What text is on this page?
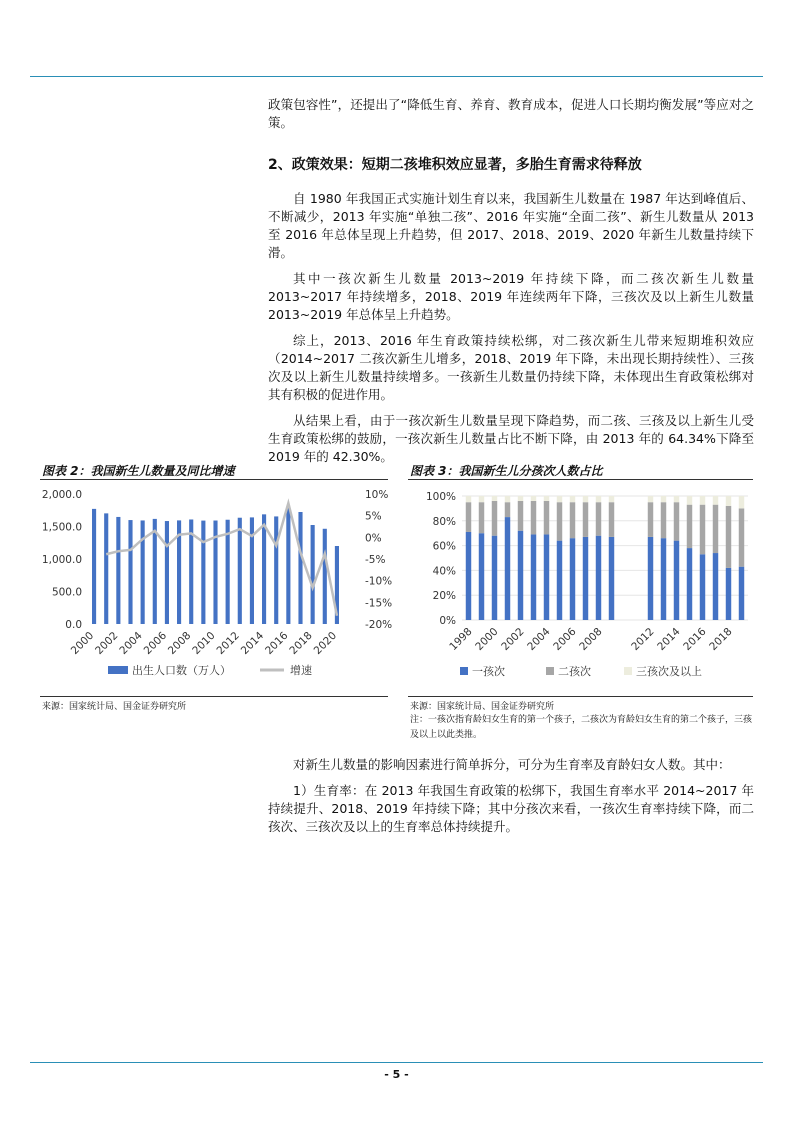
政策包容性”，还提出了“降低生育、养育、教育成本，促进人口长期均衡发展”等应对之策。

2、政策效果：短期二孩堆积效应显著，多胎生育需求待释放

自 1980 年我国正式实施计划生育以来，我国新生儿数量在 1987 年达到峰值后、不断减少，2013 年实施“单独二孩”、2016 年实施“全面二孩”、新生儿数量从 2013 至 2016 年总体呈现上升趋势，但 2017、2018、2019、2020 年新生儿数量持续下滑。

其中一孩次新生儿数量 2013~2019 年持续下降，而二孩次新生儿数量 2013~2017 年持续增多，2018、2019 年连续两年下降，三孩次及以上新生儿数量 2013~2019 年总体呈上升趋势。

综上，2013、2016 年生育政策持续松绑，对二孩次新生儿带来短期堆积效应（2014~2017 二孩次新生儿增多，2018、2019 年下降，未出现长期持续性）、三孩次及以上新生儿数量持续增多。一孩新生儿数量仍持续下降，未体现出生育政策松绑对其有积极的促进作用。

从结果上看，由于一孩次新生儿数量呈现下降趋势，而二孩、三孩及以上新生儿受生育政策松绑的鼓励，一孩次新生儿数量占比不断下降，由 2013 年的 64.34%下降至 2019 年的 42.30%。

图表 2：我国新生儿数量及同比增速	图表 3：我国新生儿分孩次人数占比
0.0
500.0
1,000.0
1,500.0
2,000.0
-20%
-15%
-10%
-5%
0%
5%
10%
2000
2002
2004
2006
2008
2010
2012
2014
2016
2018
2020
出生人口数（万人）	增速
0%
20%
40%
60%
80%
100%
1998
2000
2002
2004
2006
2008 2012
2014
2016
2018
一孩次	二孩次	三孩次及以上
来源：国家统计局、国金证券研究所	来源：国家统计局、国金证券研究所
注：一孩次指育龄妇女生育的第一个孩子，二孩次为育龄妇女生育的第二个孩子，三孩及以上以此类推。

对新生儿数量的影响因素进行简单拆分，可分为生育率及育龄妇女人数。其中：

1）生育率：在 2013 年我国生育政策的松绑下，我国生育率水平 2014~2017 年持续提升、2018、2019 年持续下降；其中分孩次来看，一孩次生育率持续下降，而二孩次、三孩次及以上的生育率总体持续提升。

- 5 -
